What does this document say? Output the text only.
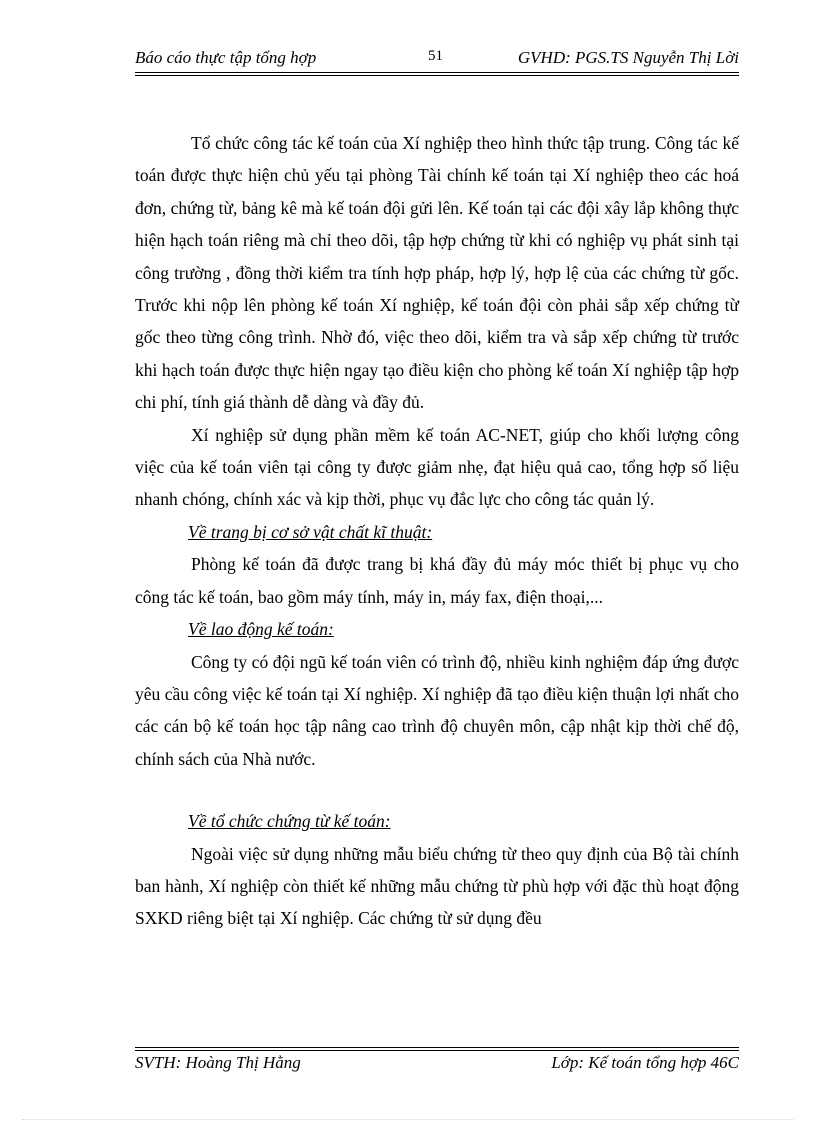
Báo cáo thực tập tổng hợp	51	GVHD: PGS.TS Nguyễn Thị Lời

Tổ chức công tác kế toán của Xí nghiệp theo hình thức tập trung. Công tác kế toán được thực hiện chủ yếu tại phòng Tài chính kế toán tại Xí nghiệp theo các hoá đơn, chứng từ, bảng kê mà kế toán đội gửi lên. Kế toán tại các đội xây lắp không thực hiện hạch toán riêng mà chỉ theo dõi, tập hợp chứng từ khi có nghiệp vụ phát sinh tại công trường , đồng thời kiểm tra tính hợp pháp, hợp lý, hợp lệ của các chứng từ gốc. Trước khi nộp lên phòng kế toán Xí nghiệp, kế toán đội còn phải sắp xếp chứng từ gốc theo từng công trình. Nhờ đó, việc theo dõi, kiểm tra và sắp xếp chứng từ trước khi hạch toán được thực hiện ngay tạo điều kiện cho phòng kế toán Xí nghiệp tập hợp chi phí, tính giá thành dễ dàng và đầy đủ.

Xí nghiệp sử dụng phần mềm kế toán AC-NET, giúp cho khối lượng công việc của kế toán viên tại công ty được giảm nhẹ, đạt hiệu quả cao, tổng hợp số liệu nhanh chóng, chính xác và kịp thời, phục vụ đắc lực cho công tác quản lý.

Về trang bị cơ sở vật chất kĩ thuật:

Phòng kế toán đã được trang bị khá đầy đủ máy móc thiết bị phục vụ cho công tác kế toán, bao gồm máy tính, máy in, máy fax, điện thoại,...

Về lao động kế toán:

Công ty có đội ngũ kế toán viên có trình độ, nhiều kinh nghiệm đáp ứng được yêu cầu công việc kế toán tại Xí nghiệp. Xí nghiệp đã tạo điều kiện thuận lợi nhất cho các cán bộ kế toán học tập nâng cao trình độ chuyên môn, cập nhật kịp thời chế độ, chính sách của Nhà nước.

Về tổ chức chứng từ kế toán:

Ngoài việc sử dụng những mẫu biểu chứng từ theo quy định của Bộ tài chính ban hành, Xí nghiệp còn thiết kế những mẫu chứng từ phù hợp với đặc thù hoạt động SXKD riêng biệt tại Xí nghiệp. Các chứng từ sử dụng đều

SVTH: Hoàng Thị Hằng	Lớp: Kế toán tổng hợp 46C
